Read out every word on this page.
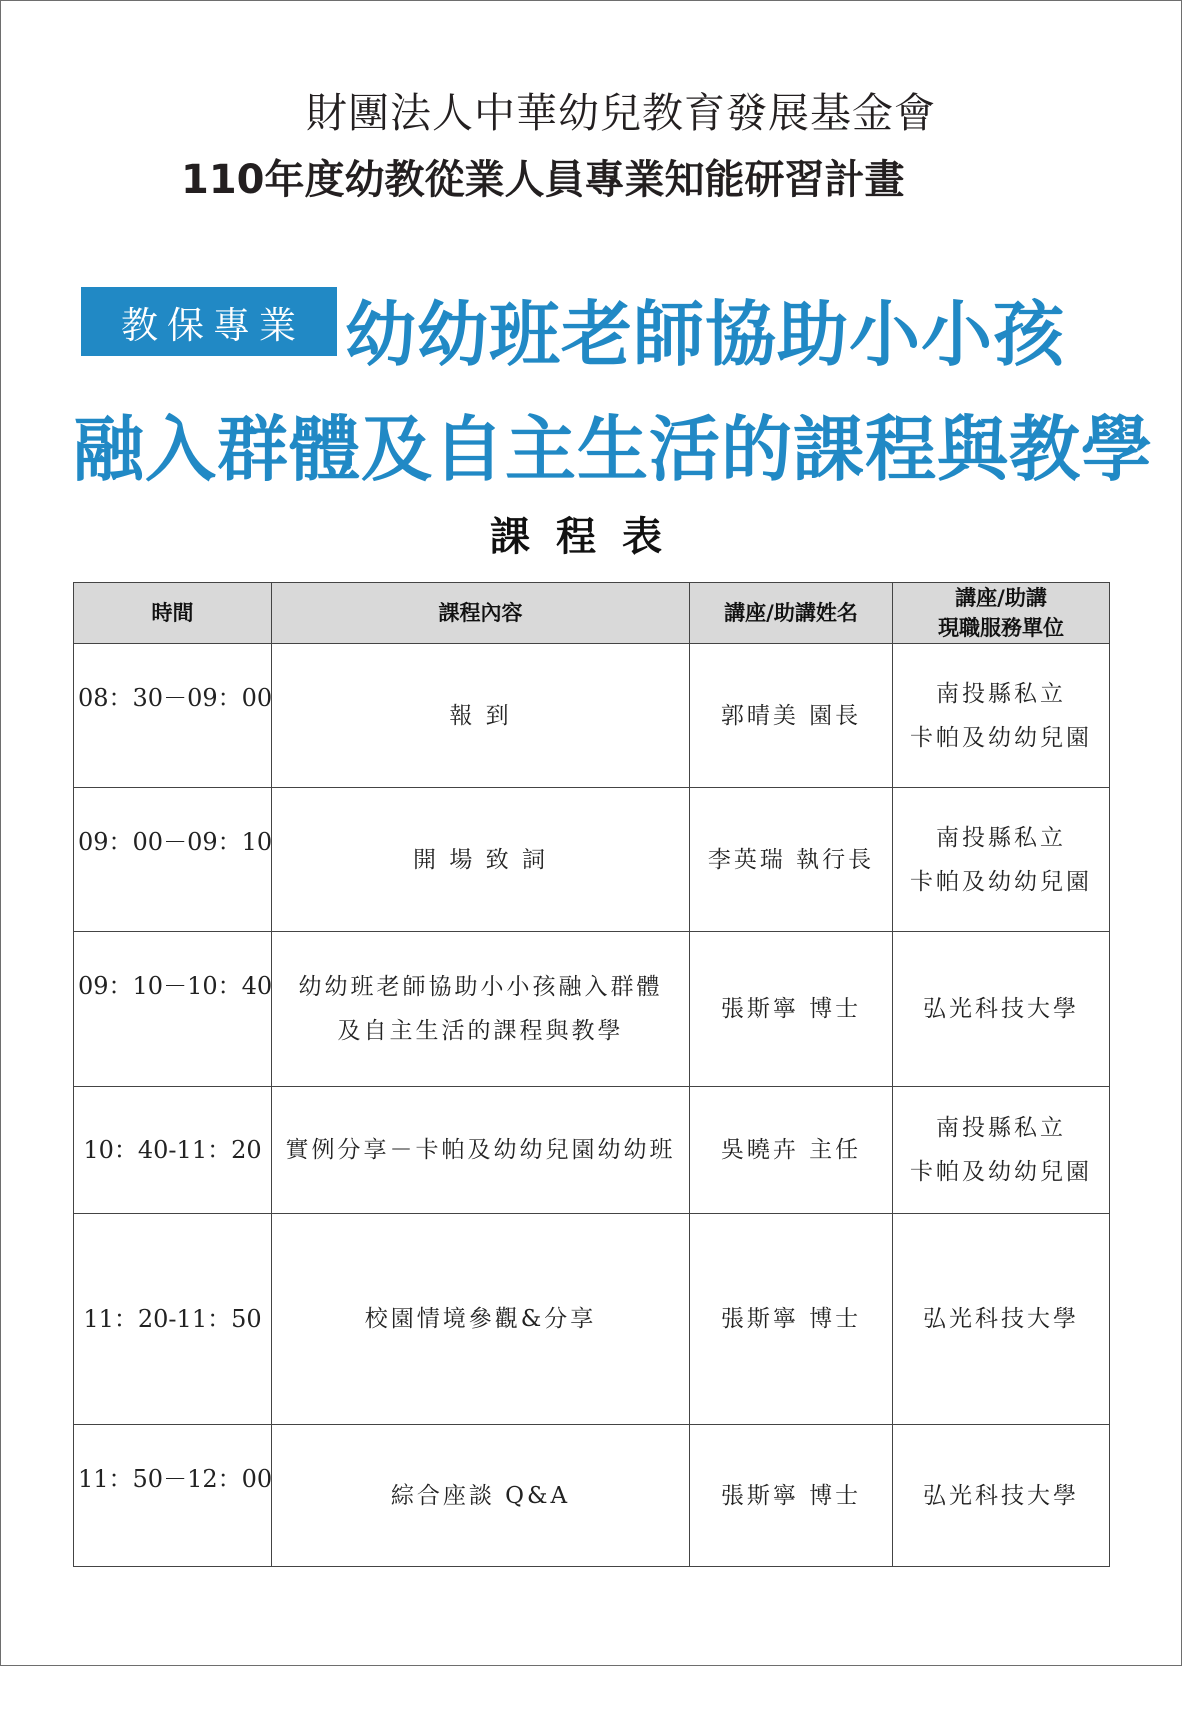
財團法人中華幼兒教育發展基金會
110年度幼教從業人員專業知能研習計畫
教保專業 幼幼班老師協助小小孩
融入群體及自主生活的課程與教學
課程表
時間	課程內容	講座/助講姓名	講座/助講
現職服務單位

08：30－09：00	報 到	郭晴美 園長	南投縣私立
卡帕及幼幼兒園

09：00－09：10	開 場 致 詞	李英瑞 執行長	南投縣私立
卡帕及幼幼兒園

09：10－10：40	幼幼班老師協助小小孩融入群體
及自主生活的課程與教學	張斯寧 博士	弘光科技大學

10：40-11：20	實例分享－卡帕及幼幼兒園幼幼班	吳曉卉 主任	南投縣私立
卡帕及幼幼兒園

11：20-11：50	校園情境參觀&分享	張斯寧 博士	弘光科技大學

11：50－12：00	綜合座談 Q&A	張斯寧 博士	弘光科技大學
